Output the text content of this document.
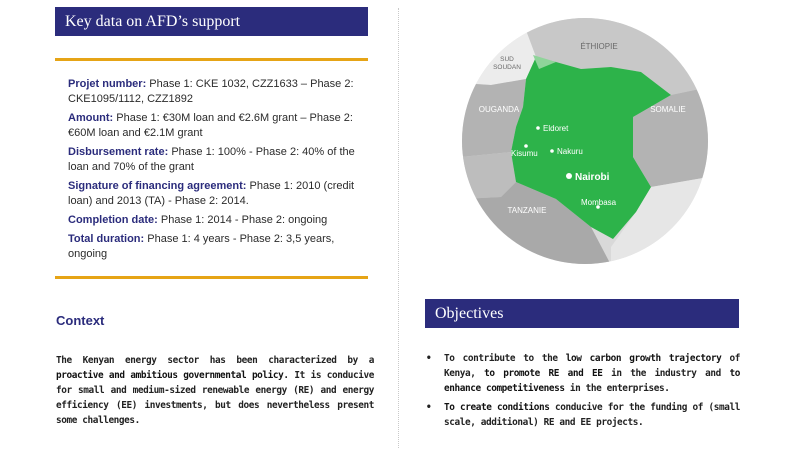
Key data on AFD’s support

Projet number: Phase 1: CKE 1032, CZZ1633 – Phase 2: CKE1095/1112, CZZ1892

Amount: Phase 1: €30M loan and €2.6M grant – Phase 2: €60M loan and €2.1M grant

Disbursement rate: Phase 1: 100% - Phase 2: 40% of the loan and 70% of the grant

Signature of financing agreement: Phase 1: 2010 (credit loan) and 2013 (TA) - Phase 2: 2014.

Completion date: Phase 1: 2014 - Phase 2: ongoing

Total duration: Phase 1: 4 years - Phase 2: 3,5 years, ongoing

Context
The Kenyan energy sector has been characterized by a proactive and ambitious governmental policy. It is conducive for small and medium-sized renewable energy (RE) and energy efficiency (EE) investments, but does nevertheless present some challenges.
ÉTHIOPIE
SUD
SOUDAN
OUGANDA	SOMALIE
TANZANIE
Eldoret
Kisumu Nakuru
Nairobi
Mombasa
Objectives
• To contribute to the low carbon growth trajectory of Kenya, to promote RE and EE in the industry and to enhance competitiveness in the enterprises.
• To create conditions conducive for the funding of (small scale, additional) RE and EE projects.
